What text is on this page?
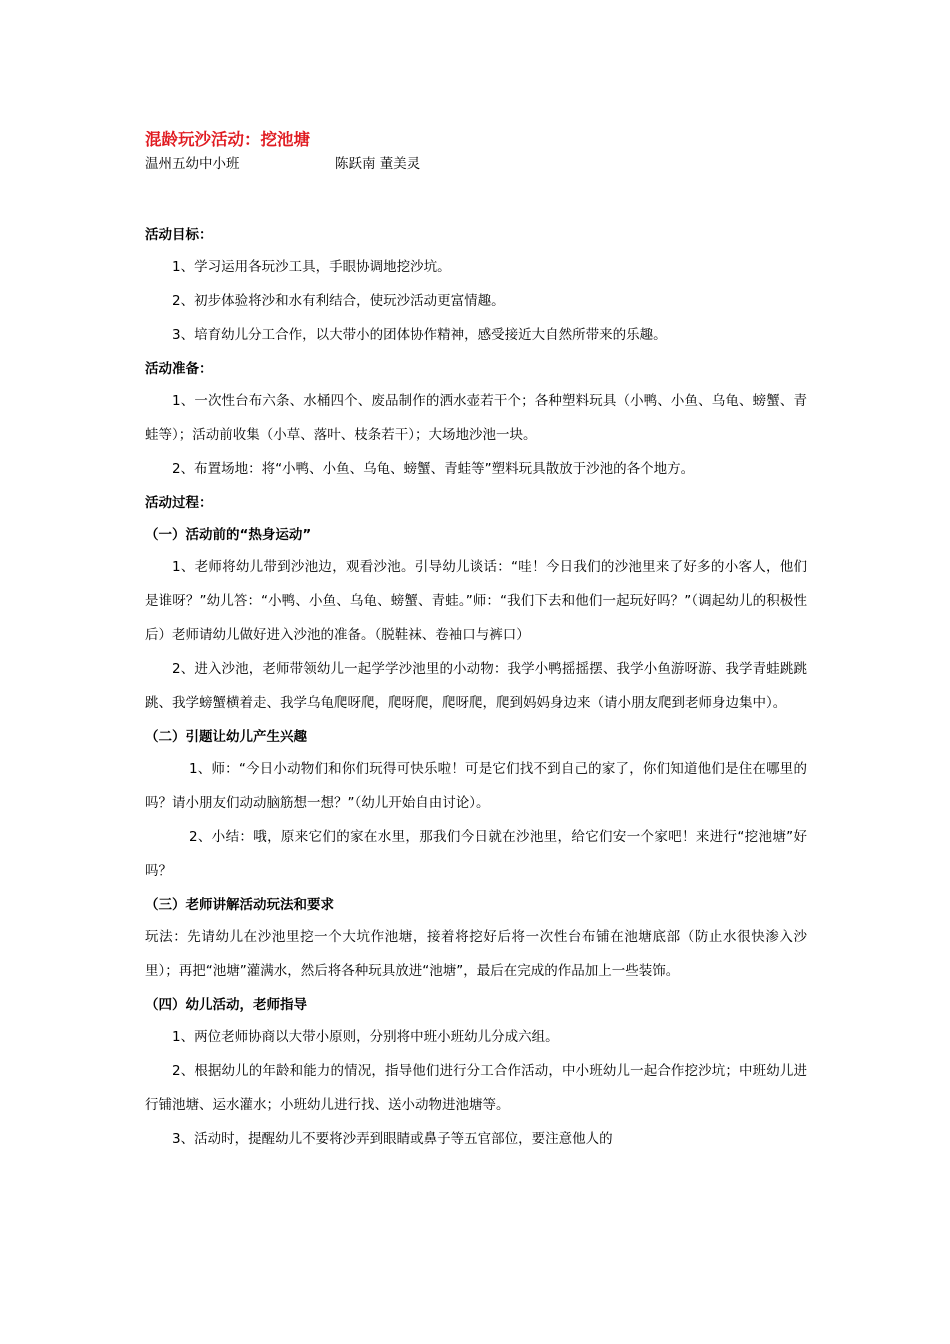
混龄玩沙活动：挖池塘
温州五幼中小班	陈跃南 董美灵

活动目标：

1、学习运用各玩沙工具，手眼协调地挖沙坑。

2、初步体验将沙和水有利结合，使玩沙活动更富情趣。

3、培育幼儿分工合作，以大带小的团体协作精神，感受接近大自然所带来的乐趣。

活动准备：

1、一次性台布六条、水桶四个、废品制作的洒水壶若干个；各种塑料玩具（小鸭、小鱼、乌龟、螃蟹、青蛙等）；活动前收集（小草、落叶、枝条若干）；大场地沙池一块。

2、布置场地：将“小鸭、小鱼、乌龟、螃蟹、青蛙等”塑料玩具散放于沙池的各个地方。

活动过程：

（一）活动前的“热身运动”

1、老师将幼儿带到沙池边，观看沙池。引导幼儿谈话：“哇！今日我们的沙池里来了好多的小客人，他们是谁呀？”幼儿答：“小鸭、小鱼、乌龟、螃蟹、青蛙。”师：“我们下去和他们一起玩好吗？”（调起幼儿的积极性后）老师请幼儿做好进入沙池的准备。（脱鞋袜、卷袖口与裤口）

2、进入沙池，老师带领幼儿一起学学沙池里的小动物：我学小鸭摇摇摆、我学小鱼游呀游、我学青蛙跳跳跳、我学螃蟹横着走、我学乌龟爬呀爬，爬呀爬，爬呀爬，爬到妈妈身边来（请小朋友爬到老师身边集中）。

（二）引题让幼儿产生兴趣

1、师：“今日小动物们和你们玩得可快乐啦！可是它们找不到自己的家了，你们知道他们是住在哪里的吗？请小朋友们动动脑筋想一想？”（幼儿开始自由讨论）。

2、小结：哦，原来它们的家在水里，那我们今日就在沙池里，给它们安一个家吧！来进行“挖池塘”好吗？

（三）老师讲解活动玩法和要求

玩法：先请幼儿在沙池里挖一个大坑作池塘，接着将挖好后将一次性台布铺在池塘底部（防止水很快渗入沙里）；再把“池塘”灌满水，然后将各种玩具放进“池塘”，最后在完成的作品加上一些装饰。

（四）幼儿活动，老师指导

1、两位老师协商以大带小原则，分别将中班小班幼儿分成六组。

2、根据幼儿的年龄和能力的情况，指导他们进行分工合作活动，中小班幼儿一起合作挖沙坑；中班幼儿进行铺池塘、运水灌水；小班幼儿进行找、送小动物进池塘等。

3、活动时，提醒幼儿不要将沙弄到眼睛或鼻子等五官部位，要注意他人的
